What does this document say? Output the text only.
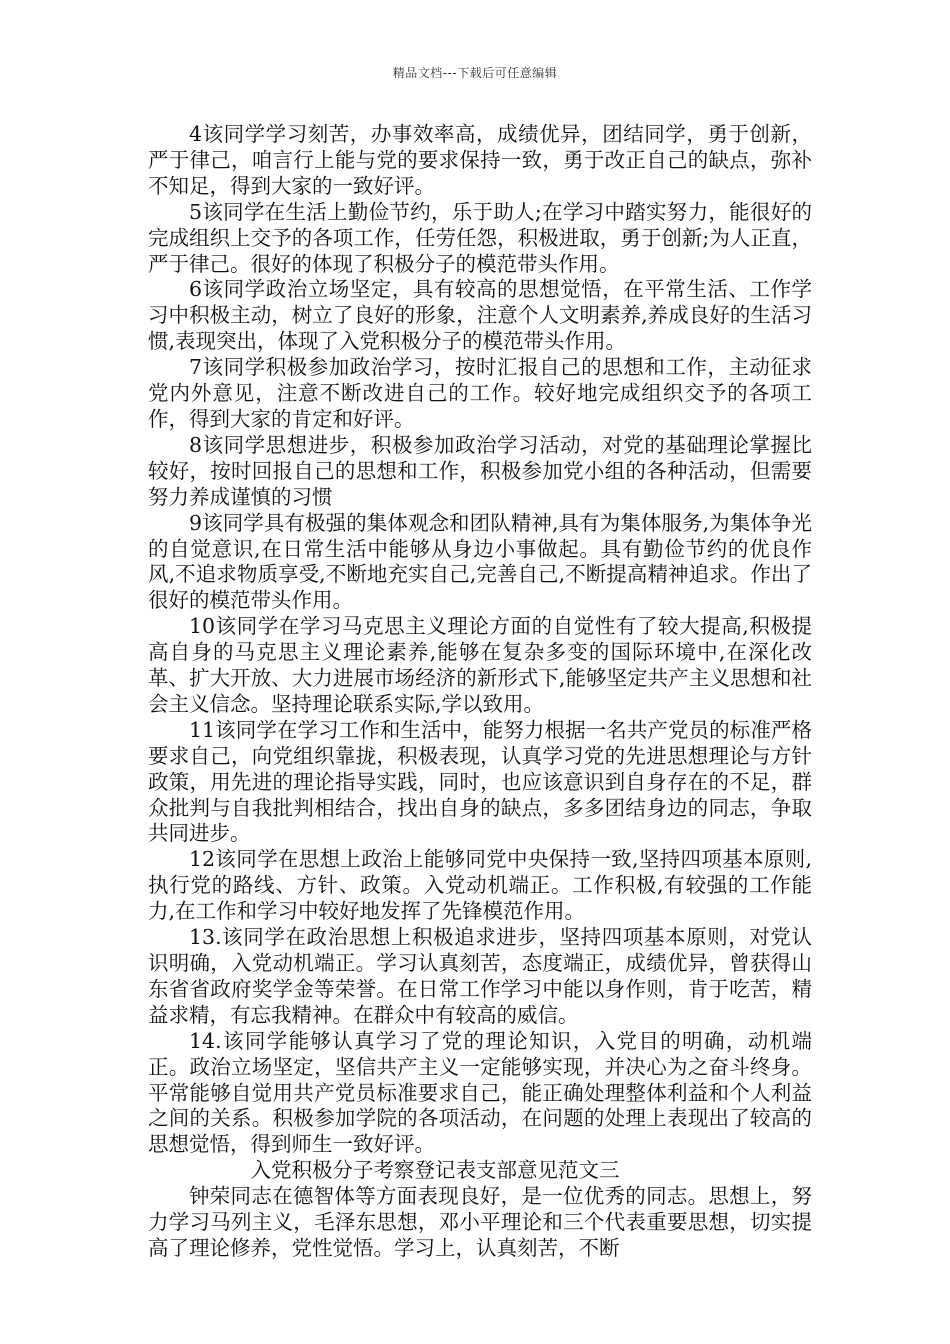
精品文档---下载后可任意编辑

4该同学学习刻苦，办事效率高，成绩优异，团结同学，勇于创新，严于律己，咱言行上能与党的要求保持一致，勇于改正自己的缺点，弥补不知足，得到大家的一致好评。

5该同学在生活上勤俭节约，乐于助人;在学习中踏实努力，能很好的完成组织上交予的各项工作，任劳任怨，积极进取，勇于创新;为人正直，严于律己。很好的体现了积极分子的模范带头作用。

6该同学政治立场坚定，具有较高的思想觉悟，在平常生活、工作学习中积极主动，树立了良好的形象，注意个人文明素养,养成良好的生活习惯,表现突出，体现了入党积极分子的模范带头作用。

7该同学积极参加政治学习，按时汇报自己的思想和工作，主动征求党内外意见，注意不断改进自己的工作。较好地完成组织交予的各项工作，得到大家的肯定和好评。

8该同学思想进步，积极参加政治学习活动，对党的基础理论掌握比较好，按时回报自己的思想和工作，积极参加党小组的各种活动，但需要努力养成谨慎的习惯

9该同学具有极强的集体观念和团队精神,具有为集体服务,为集体争光的自觉意识,在日常生活中能够从身边小事做起。具有勤俭节约的优良作风,不追求物质享受,不断地充实自己,完善自己,不断提高精神追求。作出了很好的模范带头作用。

10该同学在学习马克思主义理论方面的自觉性有了较大提高,积极提高自身的马克思主义理论素养,能够在复杂多变的国际环境中,在深化改革、扩大开放、大力进展市场经济的新形式下,能够坚定共产主义思想和社会主义信念。坚持理论联系实际,学以致用。

11该同学在学习工作和生活中，能努力根据一名共产党员的标准严格要求自己，向党组织靠拢，积极表现，认真学习党的先进思想理论与方针政策，用先进的理论指导实践，同时，也应该意识到自身存在的不足，群众批判与自我批判相结合，找出自身的缺点，多多团结身边的同志，争取共同进步。

12该同学在思想上政治上能够同党中央保持一致,坚持四项基本原则,执行党的路线、方针、政策。入党动机端正。工作积极,有较强的工作能力,在工作和学习中较好地发挥了先锋模范作用。

13.该同学在政治思想上积极追求进步，坚持四项基本原则，对党认识明确，入党动机端正。学习认真刻苦，态度端正，成绩优异，曾获得山东省省政府奖学金等荣誉。在日常工作学习中能以身作则，肯于吃苦，精益求精，有忘我精神。在群众中有较高的威信。

14.该同学能够认真学习了党的理论知识，入党目的明确，动机端正。政治立场坚定，坚信共产主义一定能够实现，并决心为之奋斗终身。平常能够自觉用共产党员标准要求自己，能正确处理整体利益和个人利益之间的关系。积极参加学院的各项活动，在问题的处理上表现出了较高的思想觉悟，得到师生一致好评。

入党积极分子考察登记表支部意见范文三

钟荣同志在德智体等方面表现良好，是一位优秀的同志。思想上，努力学习马列主义，毛泽东思想，邓小平理论和三个代表重要思想，切实提高了理论修养，党性觉悟。学习上，认真刻苦，不断
